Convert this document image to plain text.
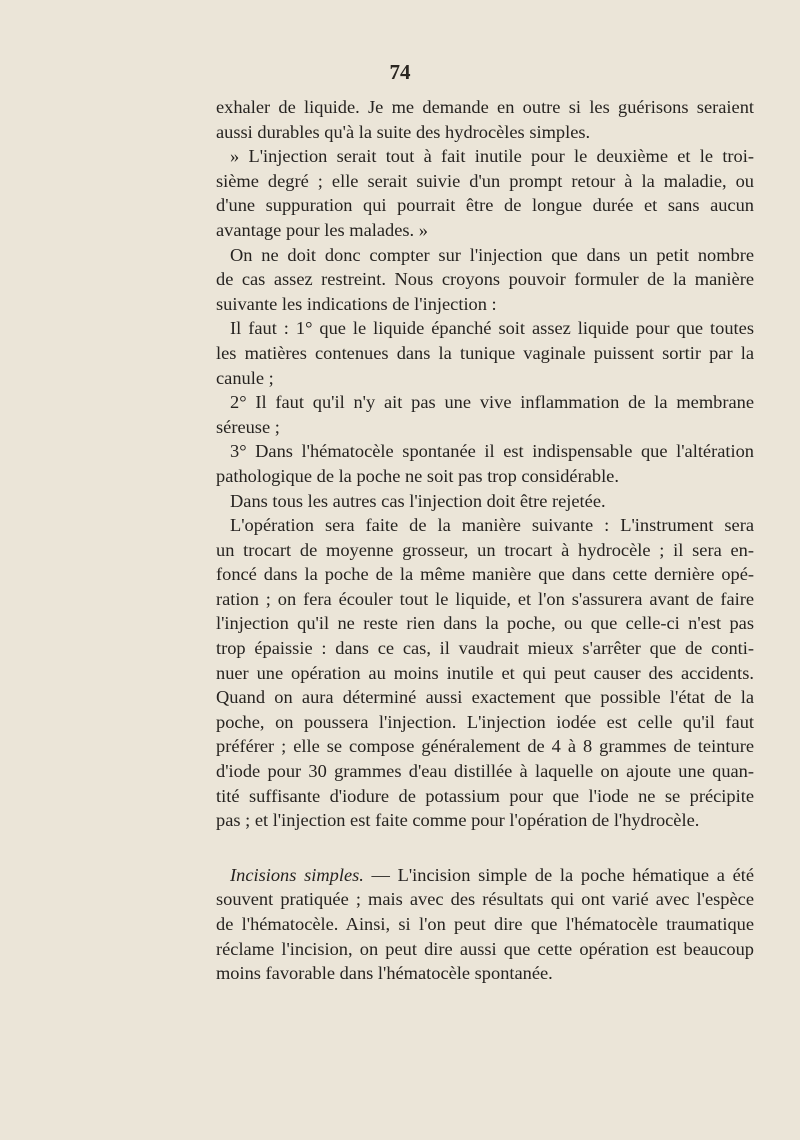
74

exhaler de liquide. Je me demande en outre si les guérisons seraient
aussi durables qu'à la suite des hydrocèles simples.

» L'injection serait tout à fait inutile pour le deuxième et le troi-
sième degré ; elle serait suivie d'un prompt retour à la maladie, ou
d'une suppuration qui pourrait être de longue durée et sans aucun
avantage pour les malades. »

On ne doit donc compter sur l'injection que dans un petit nombre
de cas assez restreint. Nous croyons pouvoir formuler de la manière
suivante les indications de l'injection :

Il faut : 1° que le liquide épanché soit assez liquide pour que toutes
les matières contenues dans la tunique vaginale puissent sortir par la
canule ;

2° Il faut qu'il n'y ait pas une vive inflammation de la membrane
séreuse ;

3° Dans l'hématocèle spontanée il est indispensable que l'altération
pathologique de la poche ne soit pas trop considérable.

Dans tous les autres cas l'injection doit être rejetée.

L'opération sera faite de la manière suivante : L'instrument sera
un trocart de moyenne grosseur, un trocart à hydrocèle ; il sera en-
foncé dans la poche de la même manière que dans cette dernière opé-
ration ; on fera écouler tout le liquide, et l'on s'assurera avant de faire
l'injection qu'il ne reste rien dans la poche, ou que celle-ci n'est pas
trop épaissie : dans ce cas, il vaudrait mieux s'arrêter que de conti-
nuer une opération au moins inutile et qui peut causer des accidents.
Quand on aura déterminé aussi exactement que possible l'état de la
poche, on poussera l'injection. L'injection iodée est celle qu'il faut
préférer ; elle se compose généralement de 4 à 8 grammes de teinture
d'iode pour 30 grammes d'eau distillée à laquelle on ajoute une quan-
tité suffisante d'iodure de potassium pour que l'iode ne se précipite
pas ; et l'injection est faite comme pour l'opération de l'hydrocèle.

Incisions simples. — L'incision simple de la poche hématique a été
souvent pratiquée ; mais avec des résultats qui ont varié avec l'espèce
de l'hématocèle. Ainsi, si l'on peut dire que l'hématocèle traumatique
réclame l'incision, on peut dire aussi que cette opération est beaucoup
moins favorable dans l'hématocèle spontanée.
